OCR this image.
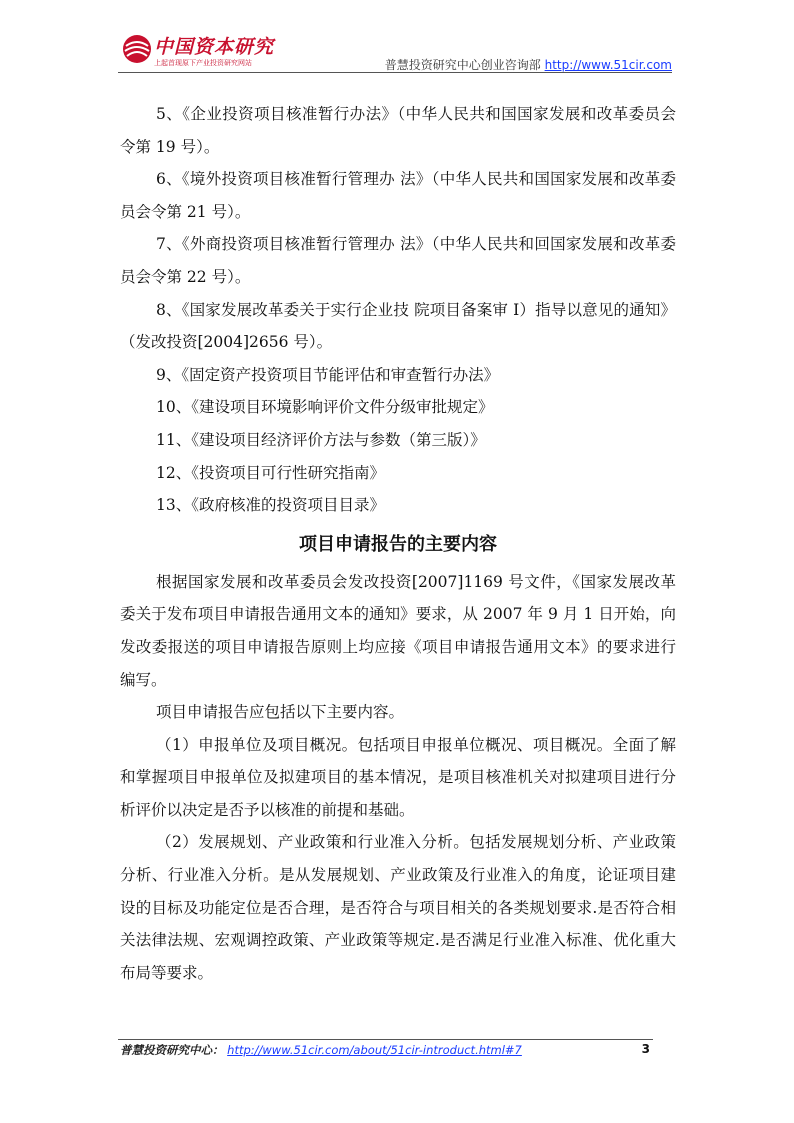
中国资本研究
上起首现原下产业投资研究网站	普慧投资研究中心创业咨询部 http://www.51cir.com

5、《企业投资项目核准暂行办法》（中华人民共和国国家发展和改革委员会令第 19 号）。

6、《境外投资项目核准暂行管理办 法》（中华人民共和国国家发展和改革委员会令第 21 号）。

7、《外商投资项目核准暂行管理办 法》（中华人民共和回国家发展和改革委员会令第 22 号）。

8、《国家发展改革委关于实行企业技 院项目备案审 I）指导以意见的通知》（发改投资[2004]2656 号）。

9、《固定资产投资项目节能评估和审查暂行办法》

10、《建设项目环境影响评价文件分级审批规定》

11、《建设项目经济评价方法与参数（第三版）》

12、《投资项目可行性研究指南》

13、《政府核准的投资项目目录》

项目申请报告的主要内容

根据国家发展和改革委员会发改投资[2007]1169 号文件，《国家发展改革委关于发布项目申请报告通用文本的通知》要求，从 2007 年 9 月 1 日开始，向发改委报送的项目申请报告原则上均应接《项目申请报告通用文本》的要求进行编写。

项目申请报告应包括以下主要内容。

（1）申报单位及项目概况。包括项目申报单位概况、项目概况。全面了解和掌握项目申报单位及拟建项目的基本情况，是项目核准机关对拟建项目进行分析评价以决定是否予以核准的前提和基础。

（2）发展规划、产业政策和行业准入分析。包括发展规划分析、产业政策分析、行业准入分析。是从发展规划、产业政策及行业准入的角度，论证项目建设的目标及功能定位是否合理，是否符合与项目相关的各类规划要求.是否符合相关法律法规、宏观调控政策、产业政策等规定.是否满足行业准入标准、优化重大布局等要求。

普慧投资研究中心： http://www.51cir.com/about/51cir-introduct.html#7	3
